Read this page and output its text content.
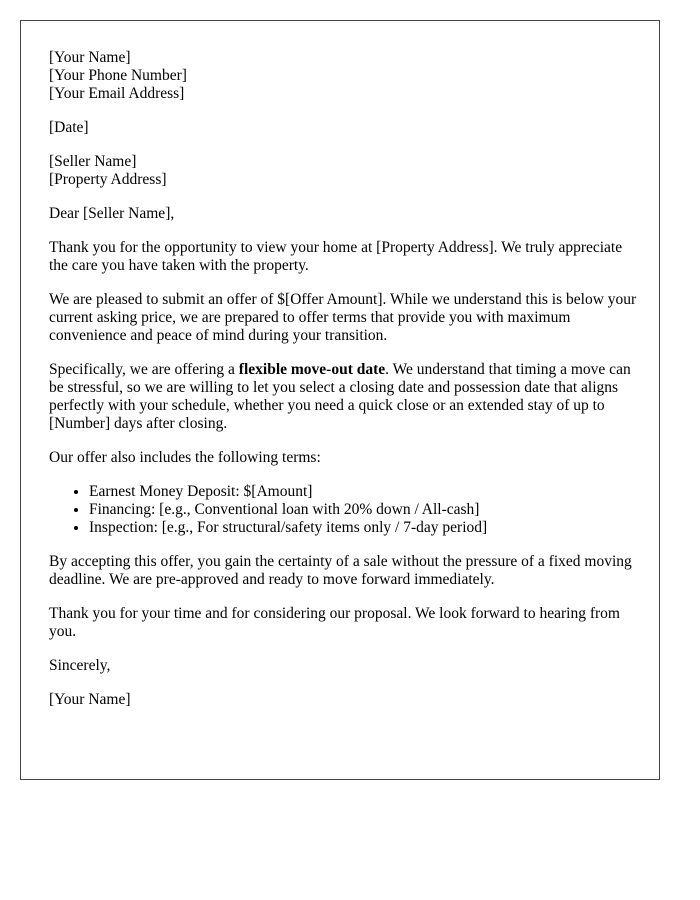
[Your Name]
[Your Phone Number]
[Your Email Address]
[Date]
[Seller Name]
[Property Address]

Dear [Seller Name],

Thank you for the opportunity to view your home at [Property Address]. We truly appreciate the care you have taken with the property.

We are pleased to submit an offer of $[Offer Amount]. While we understand this is below your current asking price, we are prepared to offer terms that provide you with maximum convenience and peace of mind during your transition.

Specifically, we are offering a flexible move-out date. We understand that timing a move can be stressful, so we are willing to let you select a closing date and possession date that aligns perfectly with your schedule, whether you need a quick close or an extended stay of up to [Number] days after closing.

Our offer also includes the following terms:

• Earnest Money Deposit: $[Amount]
• Financing: [e.g., Conventional loan with 20% down / All-cash]
• Inspection: [e.g., For structural/safety items only / 7-day period]

By accepting this offer, you gain the certainty of a sale without the pressure of a fixed moving deadline. We are pre-approved and ready to move forward immediately.

Thank you for your time and for considering our proposal. We look forward to hearing from you.

Sincerely,

[Your Name]
